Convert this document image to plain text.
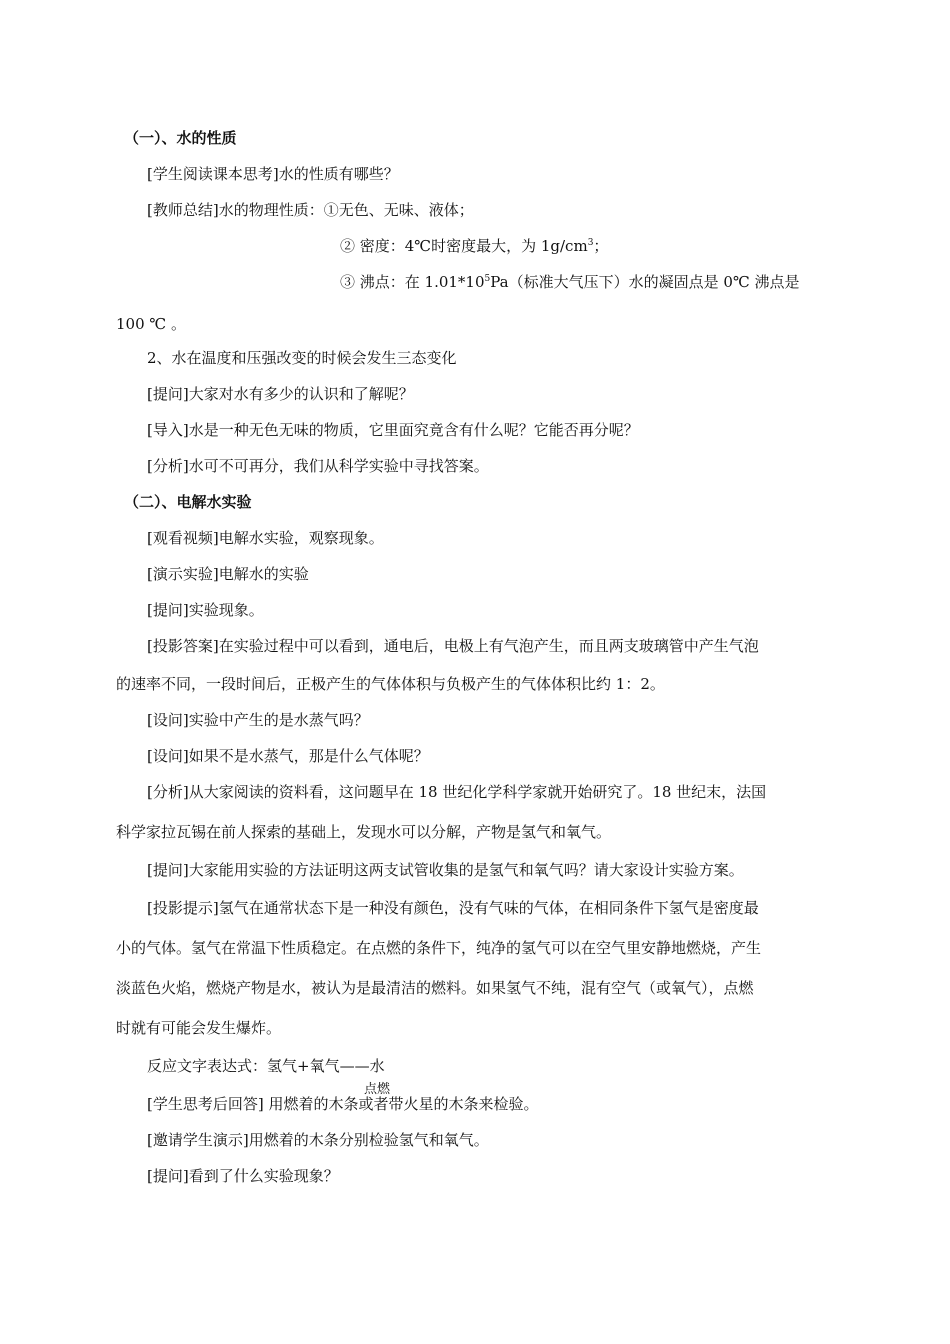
（一）、水的性质
[学生阅读课本思考]水的性质有哪些？
[教师总结]水的物理性质：①无色、无味、液体；
② 密度：4℃时密度最大，为 $1g/cm^3$；
③ 沸点：在 $1.01*10^5Pa$（标准大气压下）水的凝固点是 0℃ 沸点是
100 ℃ 。
2、水在温度和压强改变的时候会发生三态变化
[提问]大家对水有多少的认识和了解呢？
[导入]水是一种无色无味的物质，它里面究竟含有什么呢？它能否再分呢？
[分析]水可不可再分，我们从科学实验中寻找答案。
（二）、电解水实验
[观看视频]电解水实验，观察现象。
[演示实验]电解水的实验
[提问]实验现象。
[投影答案]在实验过程中可以看到，通电后，电极上有气泡产生，而且两支玻璃管中产生气泡
的速率不同，一段时间后，正极产生的气体体积与负极产生的气体体积比约 1：2。
[设问]实验中产生的是水蒸气吗？
[设问]如果不是水蒸气，那是什么气体呢？
[分析]从大家阅读的资料看，这问题早在 18 世纪化学科学家就开始研究了。18 世纪末，法国
科学家拉瓦锡在前人探索的基础上，发现水可以分解，产物是氢气和氧气。
[提问]大家能用实验的方法证明这两支试管收集的是氢气和氧气吗？请大家设计实验方案。
[投影提示]氢气在通常状态下是一种没有颜色，没有气味的气体，在相同条件下氢气是密度最
小的气体。氢气在常温下性质稳定。在点燃的条件下，纯净的氢气可以在空气里安静地燃烧，产生
淡蓝色火焰，燃烧产物是水，被认为是最清洁的燃料。如果氢气不纯，混有空气（或氧气），点燃
时就有可能会发生爆炸。
反应文字表达式：氢气+氧气——水
点燃
[学生思考后回答] 用燃着的木条或者带火星的木条来检验。
[邀请学生演示]用燃着的木条分别检验氢气和氧气。
[提问]看到了什么实验现象？
